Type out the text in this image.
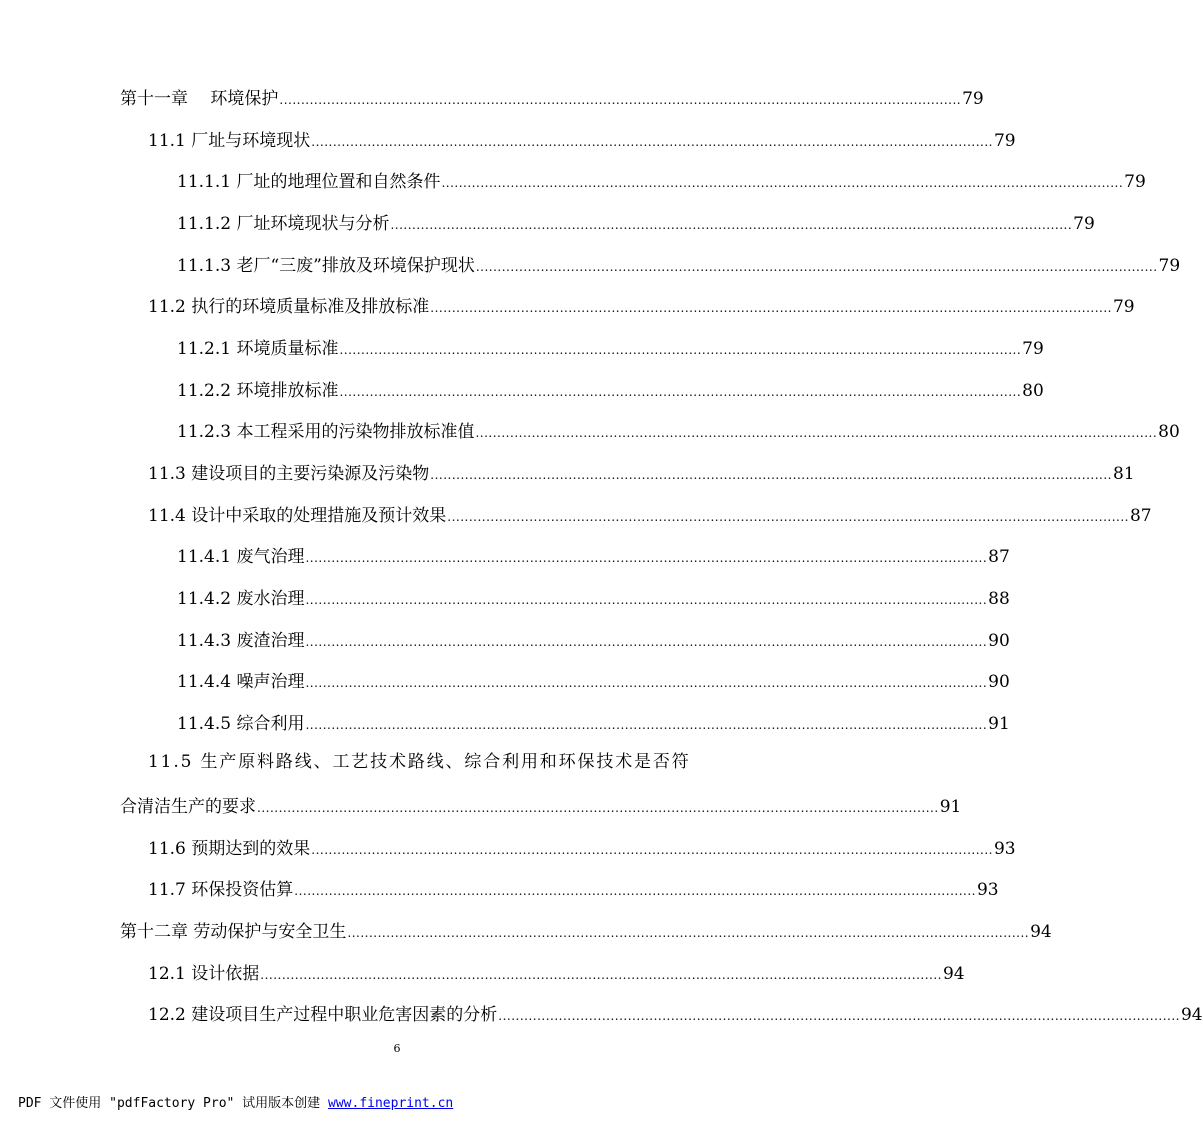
第十一章　 环境保护 .............................................................................................................................................................. 79
11.1 厂址与环境现状 .............................................................................................................................................................. 79
11.1.1 厂址的地理位置和自然条件 .............................................................................................................................................................. 79
11.1.2 厂址环境现状与分析 .............................................................................................................................................................. 79
11.1.3 老厂“三废”排放及环境保护现状 .............................................................................................................................................................. 79
11.2 执行的环境质量标准及排放标准 .............................................................................................................................................................. 79
11.2.1 环境质量标准 .............................................................................................................................................................. 79
11.2.2 环境排放标准 .............................................................................................................................................................. 80
11.2.3 本工程采用的污染物排放标准值 .............................................................................................................................................................. 80
11.3 建设项目的主要污染源及污染物 .............................................................................................................................................................. 81
11.4 设计中采取的处理措施及预计效果 .............................................................................................................................................................. 87
11.4.1 废气治理 .............................................................................................................................................................. 87
11.4.2 废水治理 .............................................................................................................................................................. 88
11.4.3 废渣治理 .............................................................................................................................................................. 90
11.4.4 噪声治理 .............................................................................................................................................................. 90
11.4.5 综合利用 .............................................................................................................................................................. 91
11.5 生产原料路线、工艺技术路线、综合利用和环保技术是否符
合清洁生产的要求 .............................................................................................................................................................. 91
11.6 预期达到的效果 .............................................................................................................................................................. 93
11.7 环保投资估算 .............................................................................................................................................................. 93
第十二章 劳动保护与安全卫生 .............................................................................................................................................................. 94
12.1 设计依据 .............................................................................................................................................................. 94
12.2 建设项目生产过程中职业危害因素的分析 .............................................................................................................................................................. 94
6
PDF 文件使用 "pdfFactory Pro" 试用版本创建 www.fineprint.cn
